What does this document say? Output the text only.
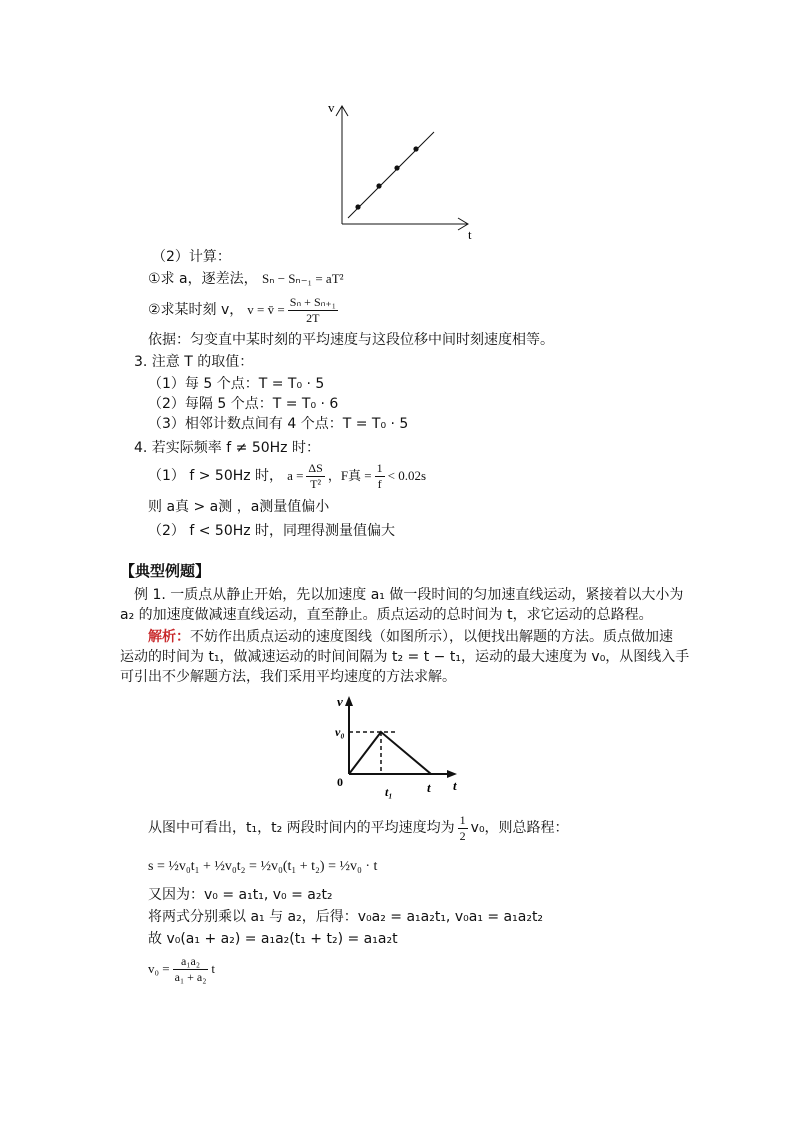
v
t
（2）计算：
①求 a，逐差法， Sₙ − Sₙ₋₁ = aT²
②求某时刻 v， v = v̄ = $\frac{\text{Sₙ + Sₙ₊₁}}{2T}$
依据：匀变直中某时刻的平均速度与这段位移中间时刻速度相等。
3. 注意 T 的取值：
（1）每 5 个点：T = T₀ · 5
（2）每隔 5 个点：T = T₀ · 6
（3）相邻计数点间有 4 个点：T = T₀ · 5
4. 若实际频率 f ≠ 50Hz 时：
（1） f > 50Hz 时， $a = \frac{\Delta S}{\text{T²}}$ ，F真 = $\frac{1}{f} < 0.02s$
则 a真 > a测 ，a测量值偏小
（2） f < 50Hz 时，同理得测量值偏大
【典型例题】
例 1. 一质点从静止开始，先以加速度 a₁ 做一段时间的匀加速直线运动，紧接着以大小为
a₂ 的加速度做减速直线运动，直至静止。质点运动的总时间为 t，求它运动的总路程。
解析：不妨作出质点运动的速度图线（如图所示），以便找出解题的方法。质点做加速
运动的时间为 t₁，做减速运动的时间间隔为 t₂ = t − t₁，运动的最大速度为 v₀，从图线入手
可引出不少解题方法，我们采用平均速度的方法求解。
v
v₀
0
t₁	t t
从图中可看出，t₁，t₂ 两段时间内的平均速度均为 $\frac{1}{2} v_0$，则总路程：
s = ½v₀t₁ + ½v₀t₂ = ½v₀(t₁ + t₂) = ½v₀ · t
又因为：v₀ = a₁t₁, v₀ = a₂t₂
将两式分别乘以 a₁ 与 a₂，后得：v₀a₂ = a₁a₂t₁, v₀a₁ = a₁a₂t₂
故 v₀(a₁ + a₂) = a₁a₂(t₁ + t₂) = a₁a₂t
$v_0 = \frac{\text{a₁a₂}}{\text{a₁ + a₂}}$ t
